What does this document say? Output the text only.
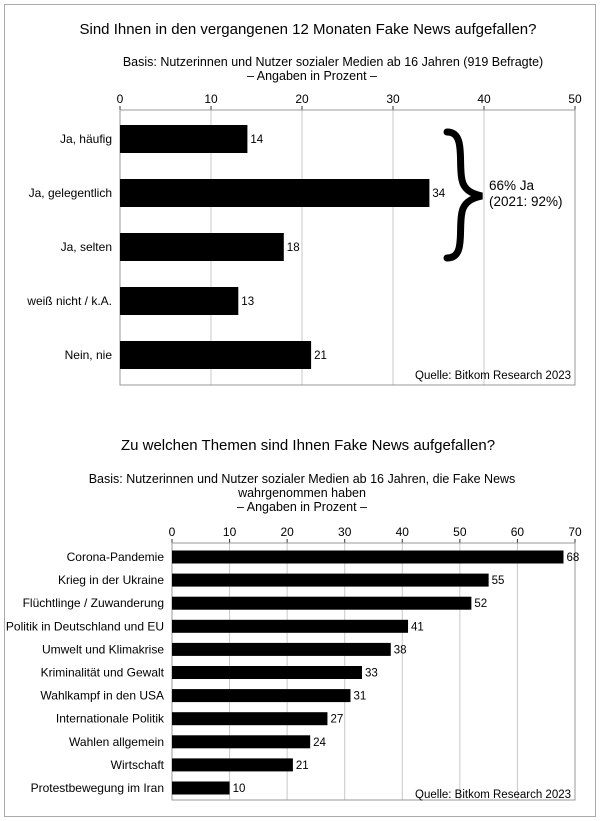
Sind Ihnen in den vergangenen 12 Monaten Fake News aufgefallen?
Basis: Nutzerinnen und Nutzer sozialer Medien ab 16 Jahren (919 Befragte)
– Angaben in Prozent –
0	10	20	30	40	50
Ja, häufig	14
Ja, gelegentlich	34
Ja, selten	18
weiß nicht / k.A.	13
Nein, nie	21
66% Ja
(2021: 92%)
Quelle: Bitkom Research 2023
Zu welchen Themen sind Ihnen Fake News aufgefallen?
Basis: Nutzerinnen und Nutzer sozialer Medien ab 16 Jahren, die Fake News
wahrgenommen haben
– Angaben in Prozent –
0	10	20	30	40	50	60	70
Corona-Pandemie	68
Krieg in der Ukraine	55
Flüchtlinge / Zuwanderung	52
Politik in Deutschland und EU	41
Umwelt und Klimakrise	38
Kriminalität und Gewalt	33
Wahlkampf in den USA	31
Internationale Politik	27
Wahlen allgemein	24
Wirtschaft	21
Protestbewegung im Iran	10	Quelle: Bitkom Research 2023
